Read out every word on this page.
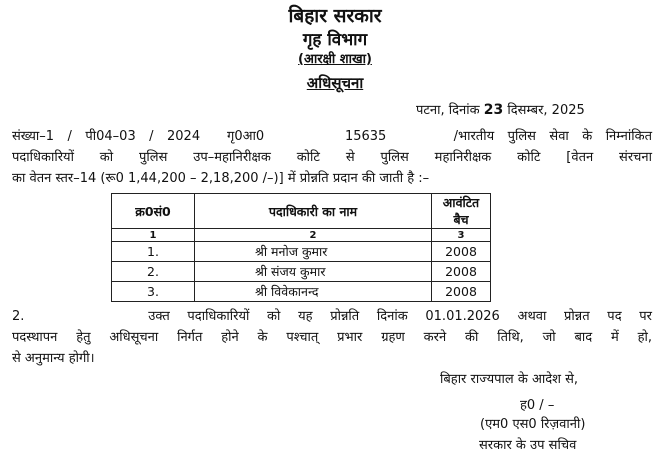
बिहार सरकार
गृह विभाग
(आरक्षी शाखा)
अधिसूचना
पटना, दिनांक 23 दिसम्बर, 2025
संख्या–1 / पी04–03 / 2024  गृ0आ0      15635     /भारतीय पुलिस सेवा के निम्नांकित
पदाधिकारियों को पुलिस उप–महानिरीक्षक कोटि से पुलिस महानिरीक्षक कोटि [वेतन संरचना
का वेतन स्तर–14 (रू0 1,44,200 – 2,18,200 /–)] में प्रोन्नति प्रदान की जाती है :–
क्र0सं0	पदाधिकारी का नाम	आवंटित बैच
1	2	3
1.	श्री मनोज कुमार	2008
2.	श्री संजय कुमार	2008
3.	श्री विवेकानन्द	2008
2.       उक्त पदाधिकारियों को यह प्रोन्नति दिनांक 01.01.2026 अथवा प्रोन्नत पद पर
पदस्थापन हेतु अधिसूचना निर्गत होने के पश्चात् प्रभार ग्रहण करने की तिथि, जो बाद में हो,
से अनुमान्य होगी।
बिहार राज्यपाल के आदेश से,
ह0 / –
(एम0 एस0 रिज़वानी)
सरकार के उप सचिव
